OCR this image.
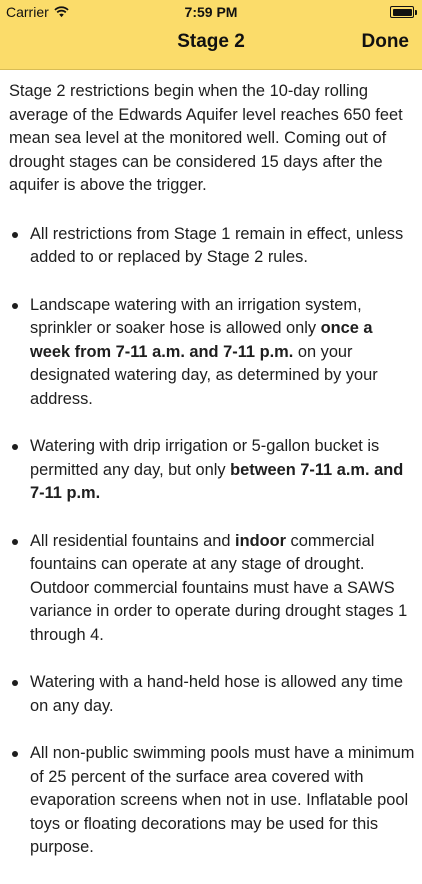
Carrier	7:59 PM
Stage 2	Done

Stage 2 restrictions begin when the 10-day rolling average of the Edwards Aquifer level reaches 650 feet mean sea level at the monitored well. Coming out of drought stages can be considered 15 days after the aquifer is above the trigger.

All restrictions from Stage 1 remain in effect, unless added to or replaced by Stage 2 rules.
Landscape watering with an irrigation system, sprinkler or soaker hose is allowed only once a week from 7-11 a.m. and 7-11 p.m. on your designated watering day, as determined by your address.
Watering with drip irrigation or 5-gallon bucket is permitted any day, but only between 7-11 a.m. and 7-11 p.m.
All residential fountains and indoor commercial fountains can operate at any stage of drought. Outdoor commercial fountains must have a SAWS variance in order to operate during drought stages 1 through 4.
Watering with a hand-held hose is allowed any time on any day.
All non-public swimming pools must have a minimum of 25 percent of the surface area covered with evaporation screens when not in use. Inflatable pool toys or floating decorations may be used for this purpose.
